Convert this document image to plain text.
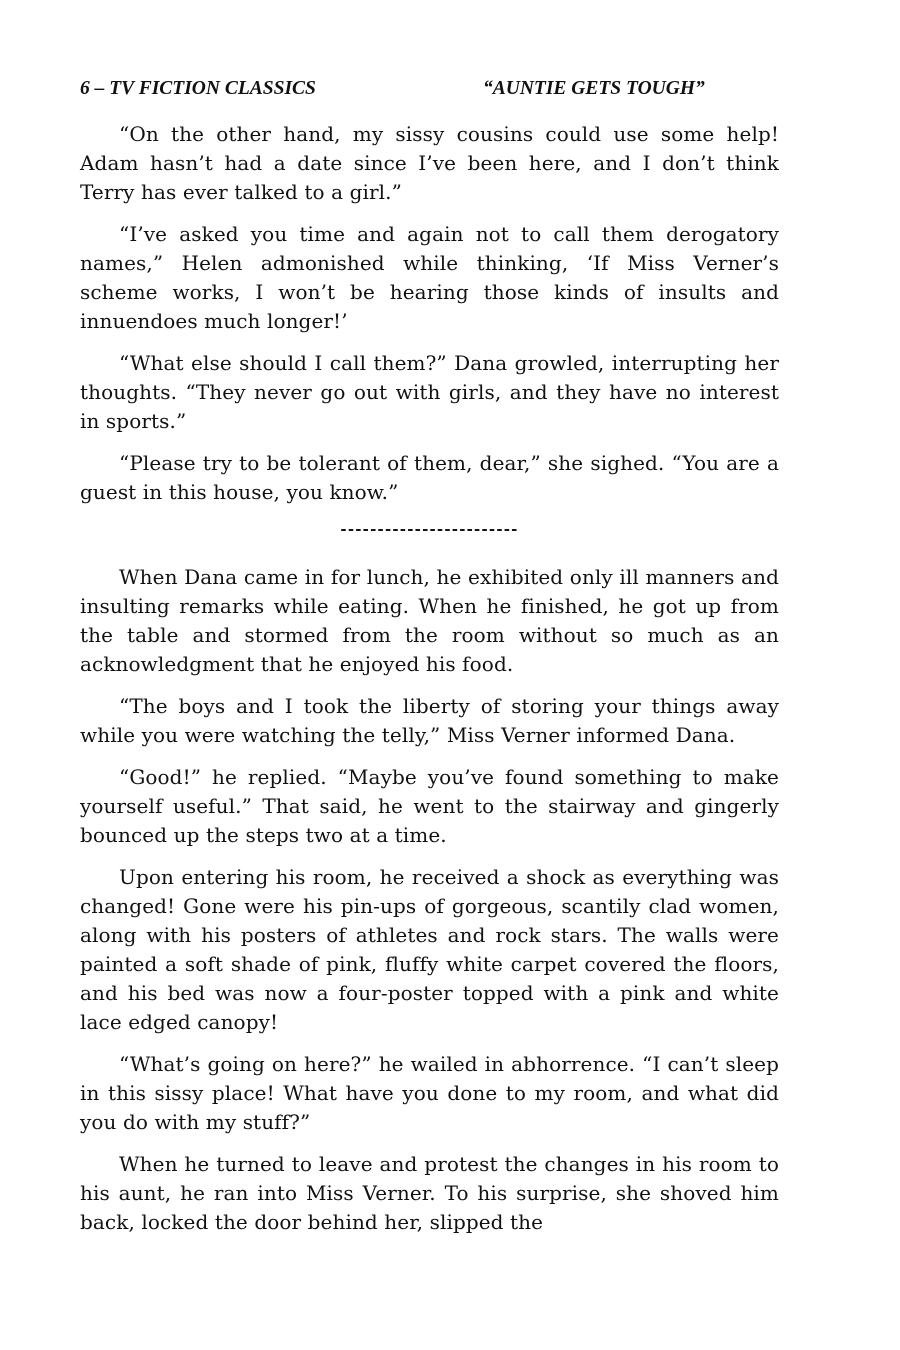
6 – TV FICTION CLASSICS	“AUNTIE GETS TOUGH”

“On the other hand, my sissy cousins could use some help! Adam hasn’t had a date since I’ve been here, and I don’t think Terry has ever talked to a girl.”

“I’ve asked you time and again not to call them derogatory names,” Helen admonished while thinking, ‘If Miss Verner’s scheme works, I won’t be hearing those kinds of insults and innuendoes much longer!’

“What else should I call them?” Dana growled, interrupting her thoughts. “They never go out with girls, and they have no interest in sports.”

“Please try to be tolerant of them, dear,” she sighed. “You are a guest in this house, you know.”

------------------------

When Dana came in for lunch, he exhibited only ill manners and insulting remarks while eating. When he finished, he got up from the table and stormed from the room without so much as an acknowledgment that he enjoyed his food.

“The boys and I took the liberty of storing your things away while you were watching the telly,” Miss Verner informed Dana.

“Good!” he replied. “Maybe you’ve found something to make yourself useful.” That said, he went to the stairway and gingerly bounced up the steps two at a time.

Upon entering his room, he received a shock as everything was changed! Gone were his pin-ups of gorgeous, scantily clad women, along with his posters of athletes and rock stars. The walls were painted a soft shade of pink, fluffy white carpet covered the floors, and his bed was now a four-poster topped with a pink and white lace edged canopy!

“What’s going on here?” he wailed in abhorrence. “I can’t sleep in this sissy place! What have you done to my room, and what did you do with my stuff?”

When he turned to leave and protest the changes in his room to his aunt, he ran into Miss Verner. To his surprise, she shoved him back, locked the door behind her, slipped the
